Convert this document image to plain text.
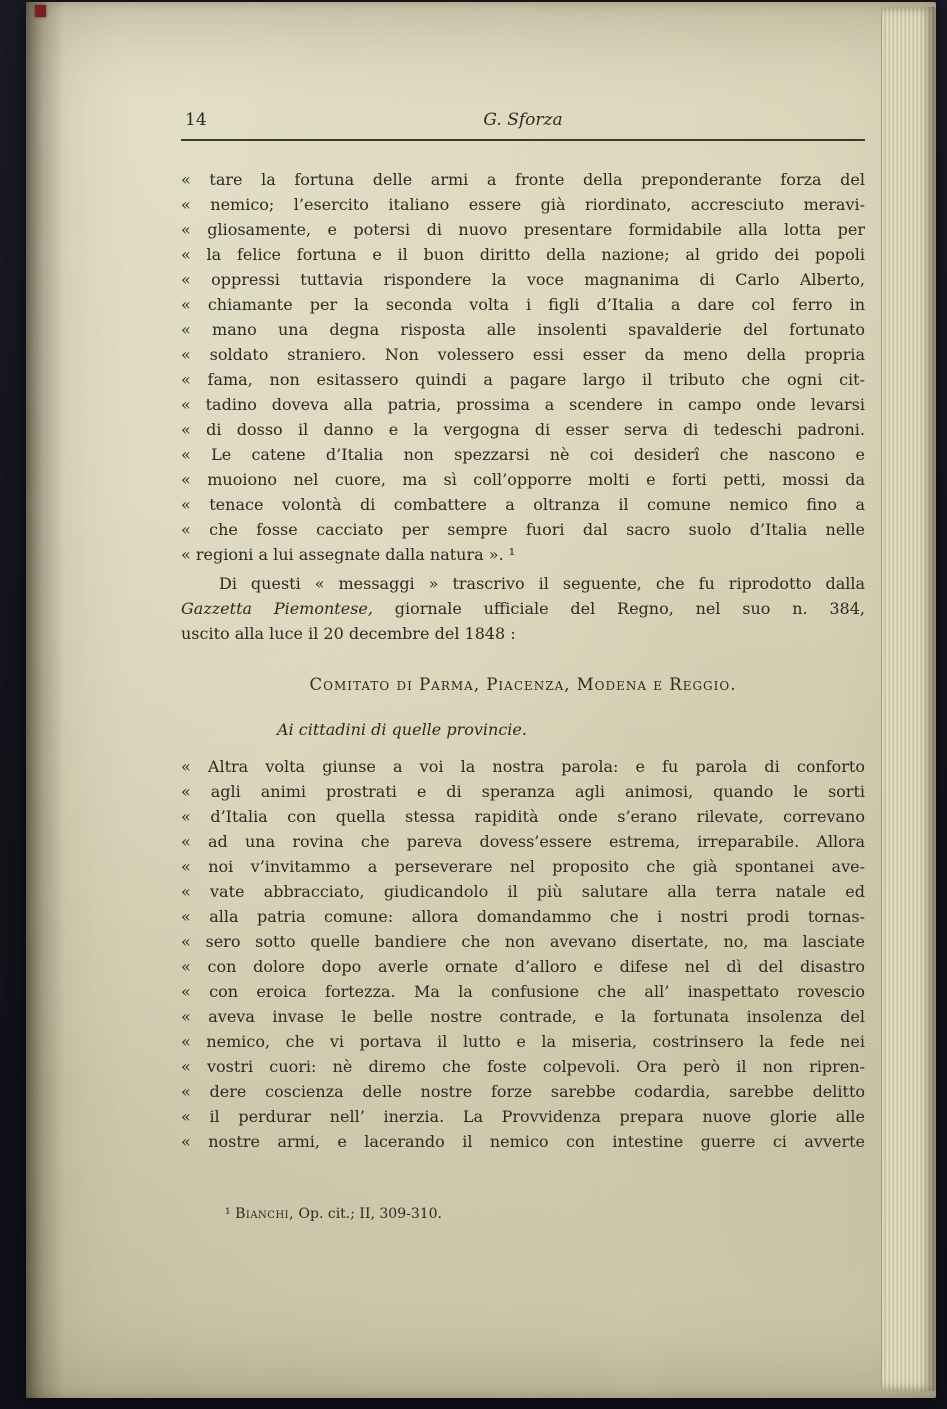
14	G. Sforza
« tare la fortuna delle armi a fronte della preponderante forza del
« nemico; l’esercito italiano essere già riordinato, accresciuto meravi-
« gliosamente, e potersi di nuovo presentare formidabile alla lotta per
« la felice fortuna e il buon diritto della nazione; al grido dei popoli
« oppressi tuttavia rispondere la voce magnanima di Carlo Alberto,
« chiamante per la seconda volta i figli d’Italia a dare col ferro in
« mano una degna risposta alle insolenti spavalderie del fortunato
« soldato straniero. Non volessero essi esser da meno della propria
« fama, non esitassero quindi a pagare largo il tributo che ogni cit-
« tadino doveva alla patria, prossima a scendere in campo onde levarsi
« di dosso il danno e la vergogna di esser serva di tedeschi padroni.
« Le catene d’Italia non spezzarsi nè coi desiderî che nascono e
« muoiono nel cuore, ma sì coll’opporre molti e forti petti, mossi da
« tenace volontà di combattere a oltranza il comune nemico fino a
« che fosse cacciato per sempre fuori dal sacro suolo d’Italia nelle
« regioni a lui assegnate dalla natura ». ¹
Di questi « messaggi » trascrivo il seguente, che fu riprodotto dalla
Gazzetta Piemontese, giornale ufficiale del Regno, nel suo n. 384,
uscito alla luce il 20 decembre del 1848 :
Comitato di Parma, Piacenza, Modena e Reggio.
Ai cittadini di quelle provincie.
« Altra volta giunse a voi la nostra parola: e fu parola di conforto
« agli animi prostrati e di speranza agli animosi, quando le sorti
« d’Italia con quella stessa rapidità onde s’erano rilevate, correvano
« ad una rovina che pareva dovess’essere estrema, irreparabile. Allora
« noi v’invitammo a perseverare nel proposito che già spontanei ave-
« vate abbracciato, giudicandolo il più salutare alla terra natale ed
« alla patria comune: allora domandammo che i nostri prodi tornas-
« sero sotto quelle bandiere che non avevano disertate, no, ma lasciate
« con dolore dopo averle ornate d’alloro e difese nel dì del disastro
« con eroica fortezza. Ma la confusione che all’ inaspettato rovescio
« aveva invase le belle nostre contrade, e la fortunata insolenza del
« nemico, che vi portava il lutto e la miseria, costrinsero la fede nei
« vostri cuori: nè diremo che foste colpevoli. Ora però il non ripren-
« dere coscienza delle nostre forze sarebbe codardia, sarebbe delitto
« il perdurar nell’ inerzia. La Provvidenza prepara nuove glorie alle
« nostre armi, e lacerando il nemico con intestine guerre ci avverte
¹ Bianchi, Op. cit.; II, 309-310.
